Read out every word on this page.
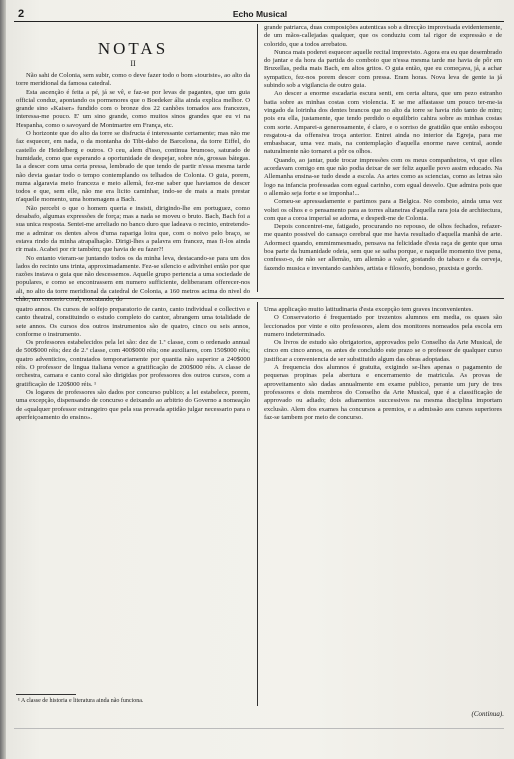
2	Echo Musical
NOTAS
II

Não sahi de Colonia, sem subir, como o deve fazer todo o bom «touriste», ao alto da torre meridional da famosa catedral.

Esta ascenção é feita a pé, já se vê, e faz-se por levas de pagantes, que um guia official conduz, apontando os pormenores que o Boedeker ália ainda explica melhor. O grande sino «Kaiser» fundido com o bronze dos 22 canhões tomados aos francezes, interessa-me pouco. E' um sino grande, como muitos sinos grandes que eu vi na Hespanha, como o savoyard de Montmartre em França, etc.

O horizonte que do alto da torre se disfructa é interessante certamente; mas não me faz esquecer, em nada, o da montanha do Tibi-dabo de Barcelona, da torre Eiffel, do castello de Heidelberg e outros. O ceu, alem d'isso, continua brumoso, saturado de humidade, como que esperando a oportunidade de despejar, sobre nós, grossas bátegas. Ia a descer com uma certa pressa, lembrado de que tendo de partir n'essa mesma tarde não devia gastar todo o tempo contemplando os telhados de Colonia. O guia, porem, numa algaravia meio franceza e meio allemã, fez-me saber que haviamos de descer todos e que, sem elle, não me era licito caminhar, indo-se de mais a mais prestar n'aquelle momento, uma homenagem a Bach.

Não percebi o que o homem queria e insisti, dirigindo-lhe em portuguez, como desabafo, algumas expressões de força; mas a nada se moveu o bruto. Bach, Bach foi a sua unica resposta. Sentei-me arreliado no banco duro que ladeava o recinto, entretendo-me a admirar os dentes alvos d'uma rapariga loira que, com o noivo pelo braço, se estava rindo da minha atrapalhação. Dirigi-lhes a palavra em francez, mas fi-los ainda rir mais. Acabei por rir também; que havia de eu fazer?!

No entanto vieram-se juntando todos os da minha leva, destacando-se para um dos lados do recinto uns trinta, approximadamente. Fez-se silencio e adivinhei então por que razões instava o guia que não descessemos. Aquelle grupo pertencia a uma sociedade de populares, e como se encontrassem em numero sufficiente, deliberaram offerecer-nos ali, no alto da torre meridional da catedral de Colonia, a 160 metros acima do nivel do chão, um concerto coral, executando, do

grande patriarca, duas composições autenticas sob a direcção improvisada evidentemente, de um mãos-callejadas qualquer, que os conduziu com tal rigor de expressão e de colorido, que a todos arrebatou.

Nunca mais poderei esquecer aquelle recital imprevisto. Agora era eu que desembrado do jantar e da hora da partida do comboio que n'essa mesma tarde me havia de pôr em Bruxellas, pedia mais Bach, em altos gritos. O guia então, que eu começava, já, a achar sympatico, fez-nos porem descer com pressa. Eram horas. Nova leva de gente ia já subindo sob a vigilancia de outro guia.

Ao descer a enorme escadaria escura senti, em certa altura, que um pezo estranho batia sobre as minhas costas com violencia. E se me affastasse um pouco ter-me-ia vingado da loirinha dos dentes brancos que no alto da torre se havia rido tanto de mim; pois era ella, justamente, que tendo perdido o equilibrio cahira sobre as minhas costas com sorte. Amparei-a generosamente, é claro, e o sorriso de gratidão que então esboçou resgatou-a da offensiva troça anterior. Entrei ainda no interior da Egreja, para me embasbacar, uma vez mais, na contemplação d'aquella enorme nave central, aonde naturalmente não tornarei a pôr os olhos.

Quando, ao jantar, pude trocar impressões com os meus companheiros, vi que elles acordavam comigo em que não podia deixar de ser feliz aquelle povo assim educado. Na Allemanha ensina-se tudo desde a escola. As artes como as sciencias, como as letras são logo na infancia professadas com egual carinho, com egual desvelo. Que admira pois que o allemão seja forte e se imponha!...

Comeu-se apressadamente e partimos para a Belgica. No comboio, ainda uma vez voltei os olhos e o pensamento para as torres altaneiras d'aquella rara joia de architectura, com que a coroa imperial se adorna, e despedi-me de Colonia.

Depois concentrei-me, fatigado, procurando no repouso, de olhos fechados, refazer-me quanto possivel do cansaço cerebral que me havia resultado d'aquella manhã de arte. Adormeci quando, emmimmesmado, pensava na felicidade d'esta raça de gente que uma boa parte da humanidade odeia, sem que se saiba porque, e naquelle momento tive pena, confesso-o, de não ser allemão, um allemão a valer, gostando do tabaco e da cerveja, fazendo musica e inventando canhões, artista e filosofo, bondoso, praxista e gordo.

quatro annos. Os cursos de solfejo preparatorio de canto, canto individual e collectivo e canto theatral, constituindo o estudo completo do cantor, abrangem uma totalidade de sete annos. Os cursos dos outros instrumentos são de quatro, cinco ou seis annos, conforme o instrumento.

Os professores estabelecidos pela lei são: dez de 1.ª classe, com o ordenado annual de 500$000 réis; dez de 2.ª classe, com 400$000 réis; one auxiliares, com 150$000 réis; quatro adventicios, contratados temporariamente por quantia não superior a 240$000 réis. O professor de lingua italiana vence a gratificação de 200$000 réis. A classe de orchestra, camara e canto coral são dirigidas por professores dos outros cursos, com a gratificação de 120$000 réis. ¹

Os logares de professores são dados por concurso publico; a lei estabelece, porem, uma excepção, dispensando de concurso e deixando ao arbitrio do Governo a nomeação de «qualquer professor estrangeiro que pela sua provada aptidão julgar necessario para o aperfeiçoamento do ensino».

Uma applicação muito latitudinaria d'esta excepção tem graves inconvenientes.

O Conservatorio é frequentado por trezentos alumnos em media, os quaes são leccionados por vinte e oito professores, alem dos monitores nomeados pela escola em numero indeterminado.

Os livros de estudo são obrigatorios, approvados pelo Conselho da Arte Musical, de cinco em cinco annos, os antes de concluido este prazo se o professor de qualquer curso justificar a conveniencia de ser substituido algum das obras adoptadas.

A frequencia dos alumnos é gratuita, exigindo se-lhes apenas o pagamento de pequenas propinas pela abertura e encerramento de matricula. As provas de aproveitamento são dadas annualmente em exame publico, perante um jury de tres professores e dois membros do Conselho da Arte Musical, que é a classificação de approvado ou adiado; dois adiamentos successivos na mesma disciplina importam exclusão. Alem dos exames ha concursos a premios, e a admissão aos cursos superiores faz-se tambem por meio de concurso.

¹ A classe de historia e literatura ainda não funciona.
(Continua).
